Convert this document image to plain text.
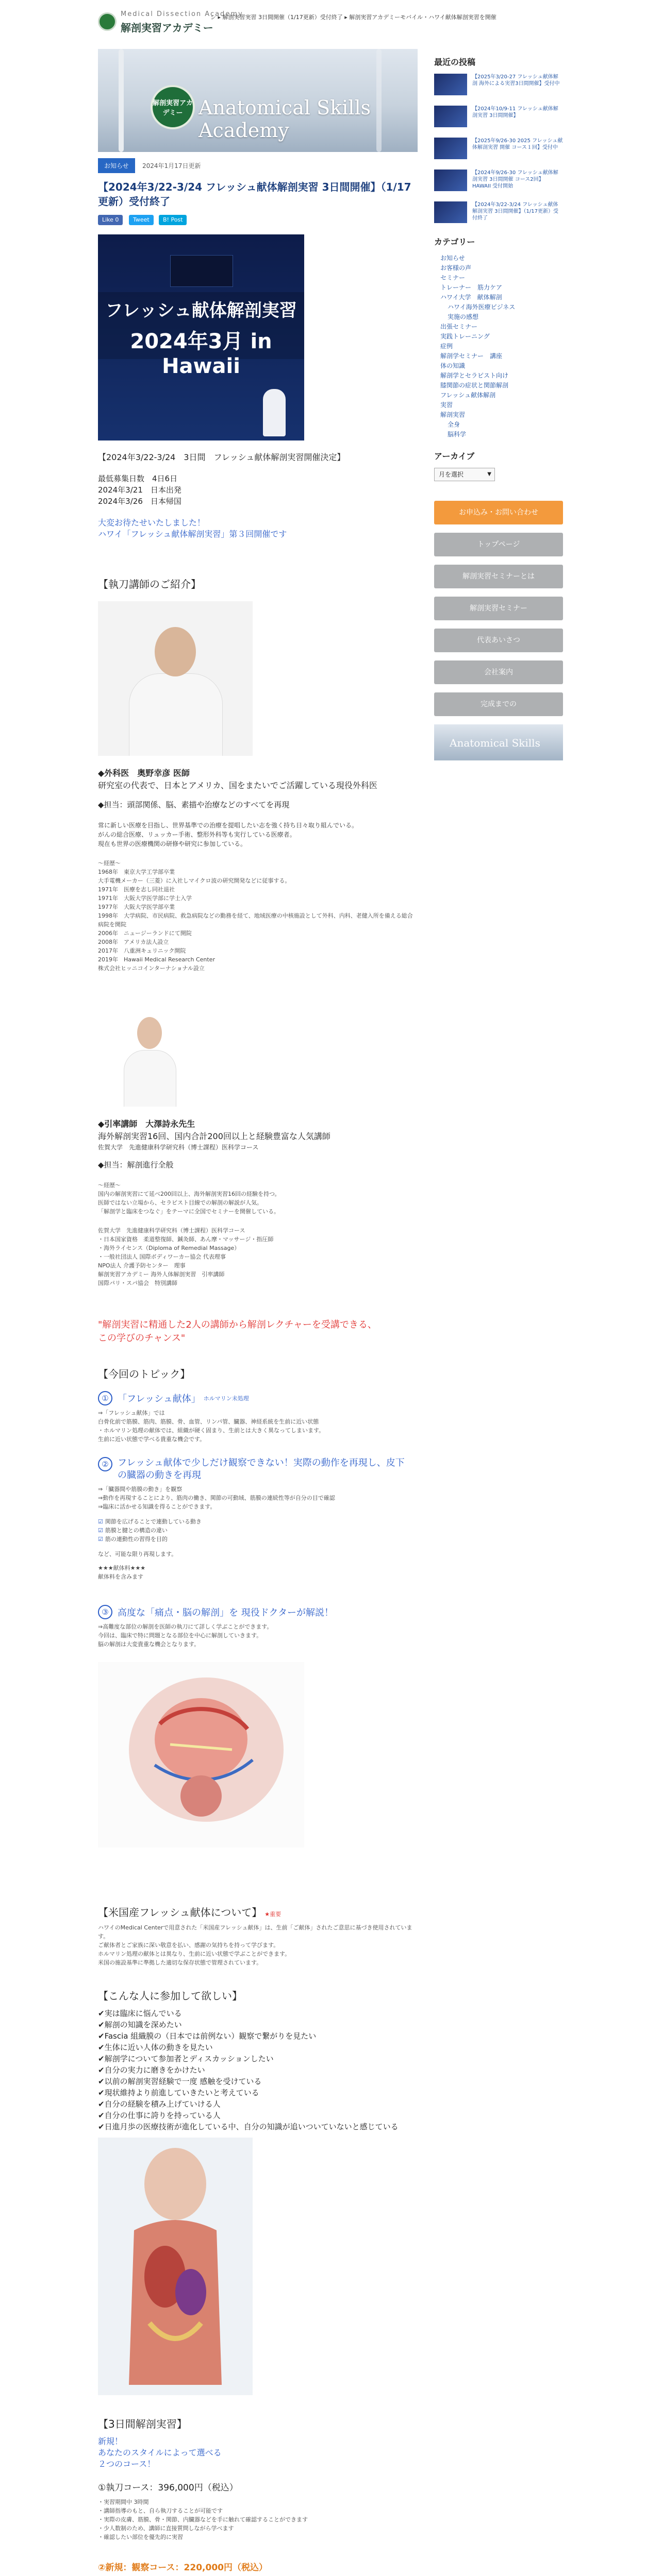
Medical Dissection Academy
解剖実習アカデミー
シ ▸ 解剖実習実習 3日間開催（1/17更新）受付終了 ▸ 解剖実習アカデミーモバイル・ハワイ献体解剖実習を開催
解剖実習アカデミー Anatomical Skills Academy
お知らせ	2024年1月17日更新
【2024年3/22-3/24 フレッシュ献体解剖実習 3日間開催】（1/17更新）受付終了
Like 0	Tweet	B! Post
フレッシュ献体解剖実習
2024年3月 in Hawaii
【2024年3/22-3/24　3日間　フレッシュ献体解剖実習開催決定】
最低募集日数　4日6日
2024年3/21　日本出発
2024年3/26　日本帰国
大変お待たせいたしました！
ハワイ「フレッシュ献体解剖実習」第３回開催です
【執刀講師のご紹介】
◆外科医　奥野幸彦 医師
研究室の代表で、日本とアメリカ、国をまたいでご活躍している現役外科医
◆担当：頭部関係、脳、素描や治療などのすべてを再現
常に新しい医療を目指し、世界基準での治療を提唱したい志を強く持ち日々取り組んでいる。
がんの総合医療、リュッカー手術、整形外科等も実行している医療者。
現在も世界の医療機関の研修や研究に参加している。
～経歴～
1968年　東京大学工学部卒業
大手電機メーカー（三菱）に入社しマイクロ波の研究開発などに従事する。
1971年　医療を志し同社退社
1971年　大阪大学医学部に学士入学
1977年　大阪大学医学部卒業
1998年　大学病院、市民病院、救急病院などの勤務を経て、地域医療の中核施設として外科、内科、老健入所を備える総合病院を開院
2006年　ニュージーランドにて開院
2008年　アメリカ法人設立
2017年　八重洲キュリニック開院
2019年　Hawaii Medical Research Center
株式会社ヒッニコインターナショナル設立
◆引率講師　大澤詩永先生
海外解剖実習16回、国内合計200回以上と経験豊富な人気講師
佐賀大学　先進健康科学研究科（博士課程）医科学コース
◆担当：解剖進行全般
～経歴～
国内の解剖実習にて延べ200回以上、海外解剖実習16回の経験を持つ。
医師ではない立場から、セラピスト目線での解剖の解説が人気。
「解剖学と臨床をつなぐ」をテーマに全国でセミナーを開催している。
佐賀大学　先進健康科学研究科（博士課程）医科学コース
・日本国家資格　柔道整復師、鍼灸師、あん摩・マッサージ・指圧師
・海外ライセンス（Diploma of Remedial Massage）
・一般社団法人 国際ボディワーカー協会 代表理事
NPO法人 介護予防センター　理事
解剖実習アカデミー 海外人体解剖実習　引率講師
国際パリ・スパ協会　特別講師
"解剖実習に精通した2人の講師から解剖レクチャーを受講できる、
この学びのチャンス"
【今回のトピック】
① 「フレッシュ献体」 ホルマリン未処理
⇒「フレッシュ献体」では
白骨化前で筋膜、筋肉、筋膜、骨、血管、リンパ管、臓器、神経系統を生前に近い状態
・ホルマリン処理の献体では、組織が硬く固まり、生前とは大きく異なってしまいます。
生前に近い状態で学べる貴重な機会です。
② フレッシュ献体で少しだけ観察できない！実際の動作を再現し、皮下の臓器の動きを再現
⇒「臓器間や筋膜の動き」を観察
⇒動作を再現することにより、筋肉の働き、関節の可動域、筋膜の連続性等が自分の目で確認
⇒臨床に活かせる知識を得ることができます。
☑ 関節を広げることで連動している動き
☑ 筋膜と腱との構造の違い
☑ 筋の連動性の習得を目的
など、可能な限り再現します。
★★★献体料★★★
献体料を含みます
③ 高度な「痛点・脳の解剖」を 現役ドクターが解説！
⇒高難度な部位の解剖を医師の執刀にて詳しく学ぶことができます。
今回は、臨床で特に問題となる部位を中心に解剖していきます。
脳の解剖は大変貴重な機会となります。
【米国産フレッシュ献体について】 ★重要
ハワイのMedical Centerで用意された「米国産フレッシュ献体」は、生前「ご献体」されたご意思に基づき使用されています。
ご献体者とご家族に深い敬意を払い、感謝の気持ちを持って学びます。
ホルマリン処理の献体とは異なり、生前に近い状態で学ぶことができます。
米国の施設基準に準拠した適切な保存状態で管理されています。
【こんな人に参加して欲しい】
✔実は臨床に悩んでいる
✔解剖の知識を深めたい
✔Fascia 組織膜の（日本では前例ない）観察で繋がりを見たい
✔生体に近い人体の動きを見たい
✔解剖学について参加者とディスカッションしたい
✔自分の実力に磨きをかけたい
✔以前の解剖実習経験で一度 感触を受けている
✔現状維持より前進していきたいと考えている
✔自分の経験を積み上げていける人
✔自分の仕事に誇りを持っている人
✔日進月歩の医療技術が進化している中、自分の知識が追いついていないと感じている
【3日間解剖実習】
新規！
あなたのスタイルによって選べる
２つのコース！
①執刀コース：396,000円（税込）
・実習期間中 3時間
・講師指導のもと、自ら執刀することが可能です
・実際の皮膚、筋膜、骨・関節、内臓器などを手に触れて確認することができます
・少人数制のため、講師に直接質問しながら学べます
・確認したい部位を優先的に実習
②新規：観察コース：220,000円（税込）
最近の投稿
【2025年3/20-27 フレッシュ献体解剖 海外による実習3日間開催】受付中
【2024年10/9-11 フレッシュ献体解剖実習 3日間開催】
【2025年9/26-30 2025 フレッシュ献体解剖実習 開催 コース１回】受付中
【2024年9/26-30 フレッシュ献体解剖実習 3日間開催 コース2回】 HAWAII 受付開始
【2024年3/22-3/24 フレッシュ献体解剖実習 3日間開催】（1/17更新）受付終了
カテゴリー
お知らせ
お客様の声
セミナー
トレーナー　筋力ケア
ハワイ大学　献体解剖
ハワイ海外医療ビジネス
実施の感想
出張セミナー
実践トレーニング
症例
解剖学セミナー　講座
体の知識
解剖学とセラピスト向け
膝関節の症状と関節解剖
フレッシュ献体解剖
実習
解剖実習
全身
脳科学
アーカイブ
月を選択	▼
お申込み・お問い合わせ
トップページ
解剖実習セミナーとは
解剖実習セミナー
代表あいさつ
会社案内
完成までの
Anatomical Skills
